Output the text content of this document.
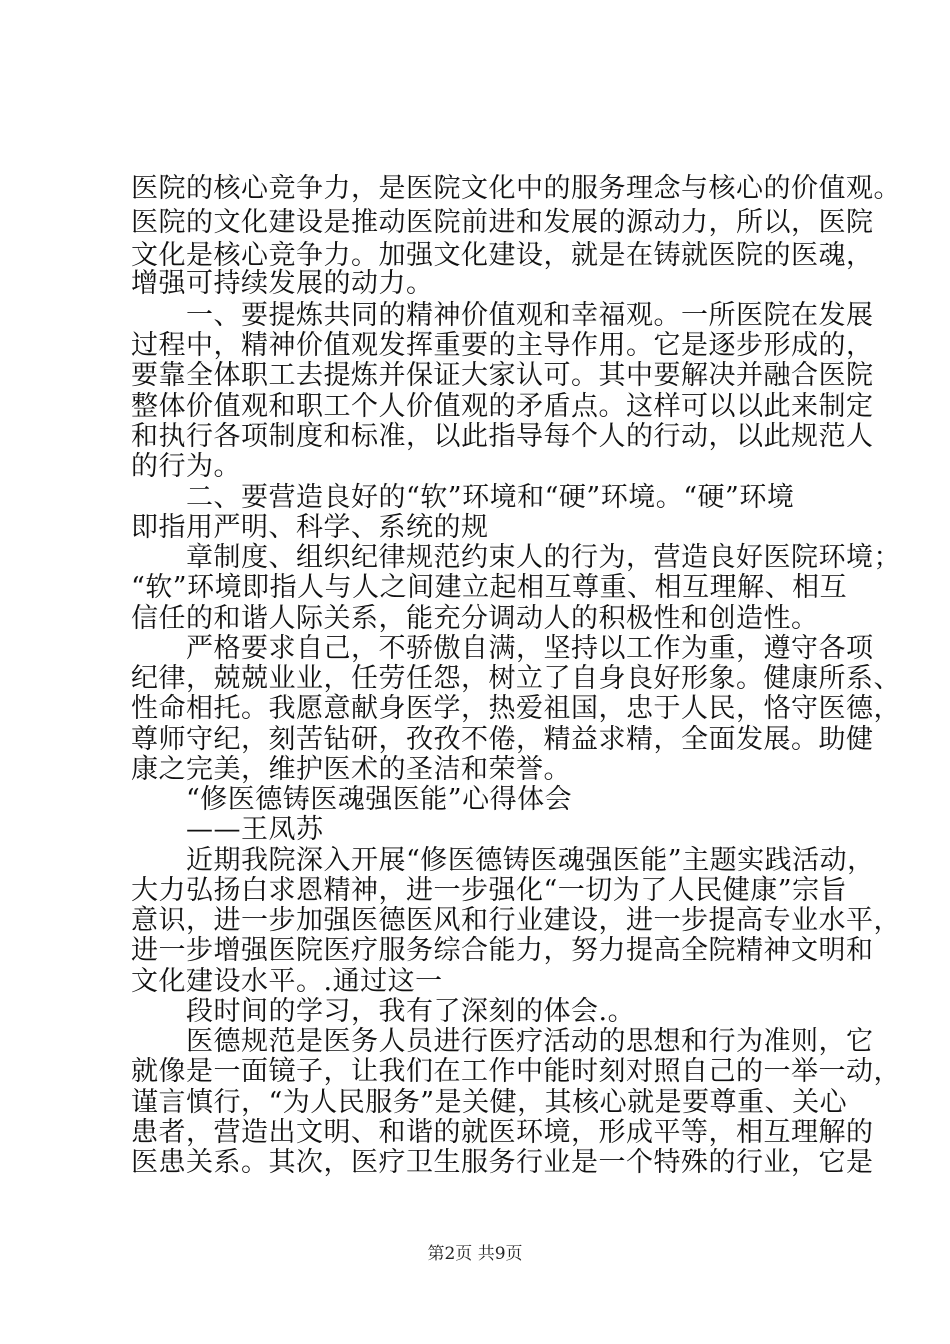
医院的核心竞争力，是医院文化中的服务理念与核心的价值观。
医院的文化建设是推动医院前进和发展的源动力，所以，医院
文化是核心竞争力。加强文化建设，就是在铸就医院的医魂，
增强可持续发展的动力。
一、要提炼共同的精神价值观和幸福观。一所医院在发展
过程中，精神价值观发挥重要的主导作用。它是逐步形成的，
要靠全体职工去提炼并保证大家认可。其中要解决并融合医院
整体价值观和职工个人价值观的矛盾点。这样可以以此来制定
和执行各项制度和标准，以此指导每个人的行动，以此规范人
的行为。
二、要营造良好的“软”环境和“硬”环境。“硬”环境
即指用严明、科学、系统的规
章制度、组织纪律规范约束人的行为，营造良好医院环境；
“软”环境即指人与人之间建立起相互尊重、相互理解、相互
信任的和谐人际关系，能充分调动人的积极性和创造性。
严格要求自己，不骄傲自满，坚持以工作为重，遵守各项
纪律，兢兢业业，任劳任怨，树立了自身良好形象。健康所系、
性命相托。我愿意献身医学，热爱祖国，忠于人民，恪守医德，
尊师守纪，刻苦钻研，孜孜不倦，精益求精，全面发展。助健
康之完美，维护医术的圣洁和荣誉。
“修医德铸医魂强医能”心得体会
——王凤苏
近期我院深入开展“修医德铸医魂强医能”主题实践活动，
大力弘扬白求恩精神，进一步强化“一切为了人民健康”宗旨
意识，进一步加强医德医风和行业建设，进一步提高专业水平，
进一步增强医院医疗服务综合能力，努力提高全院精神文明和
文化建设水平。.通过这一
段时间的学习，我有了深刻的体会.。
医德规范是医务人员进行医疗活动的思想和行为准则，它
就像是一面镜子，让我们在工作中能时刻对照自己的一举一动，
谨言慎行，“为人民服务”是关健，其核心就是要尊重、关心
患者，营造出文明、和谐的就医环境，形成平等，相互理解的
医患关系。其次，医疗卫生服务行业是一个特殊的行业，它是
第2页 共9页
